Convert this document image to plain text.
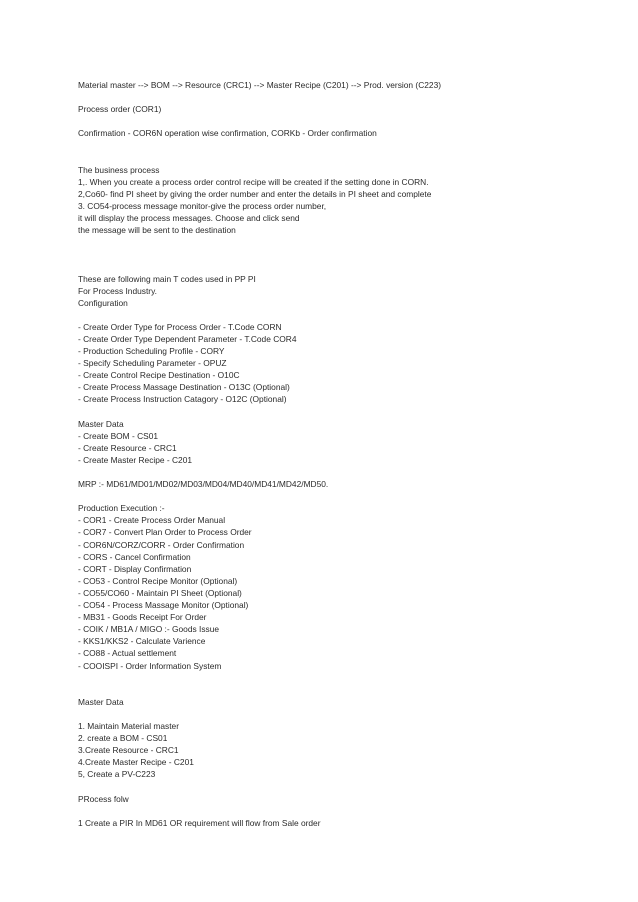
Material master --> BOM --> Resource (CRC1) --> Master Recipe (C201) --> Prod. version (C223)
Process order (COR1)
Confirmation - COR6N operation wise confirmation, CORKb - Order confirmation
The business process
1,. When you create a process order control recipe will be created if the setting done in CORN.
2,Co60- find PI sheet by giving the order number and enter the details in PI sheet and complete
3. CO54-process message monitor-give the process order number,
it will display the process messages. Choose and click send
the message will be sent to the destination
These are following main T codes used in PP PI
For Process Industry.
Configuration
- Create Order Type for Process Order - T.Code CORN
- Create Order Type Dependent Parameter - T.Code COR4
- Production Scheduling Profile - CORY
- Specify Scheduling Parameter - OPUZ
- Create Control Recipe Destination - O10C
- Create Process Massage Destination - O13C (Optional)
- Create Process Instruction Catagory - O12C (Optional)
Master Data
- Create BOM - CS01
- Create Resource - CRC1
- Create Master Recipe - C201
MRP :- MD61/MD01/MD02/MD03/MD04/MD40/MD41/MD42/MD50.
Production Execution :-
- COR1 - Create Process Order Manual
- COR7 - Convert Plan Order to Process Order
- COR6N/CORZ/CORR - Order Confirmation
- CORS - Cancel Confirmation
- CORT - Display Confirmation
- CO53 - Control Recipe Monitor (Optional)
- CO55/CO60 - Maintain PI Sheet (Optional)
- CO54 - Process Massage Monitor (Optional)
- MB31 - Goods Receipt For Order
- COIK / MB1A / MIGO :- Goods Issue
- KKS1/KKS2 - Calculate Varience
- CO88 - Actual settlement
- COOISPI - Order Information System
Master Data
1. Maintain Material master
2. create a BOM - CS01
3.Create Resource - CRC1
4.Create Master Recipe - C201
5, Create a PV-C223
PRocess folw
1 Create a PIR In MD61 OR requirement will flow from Sale order
